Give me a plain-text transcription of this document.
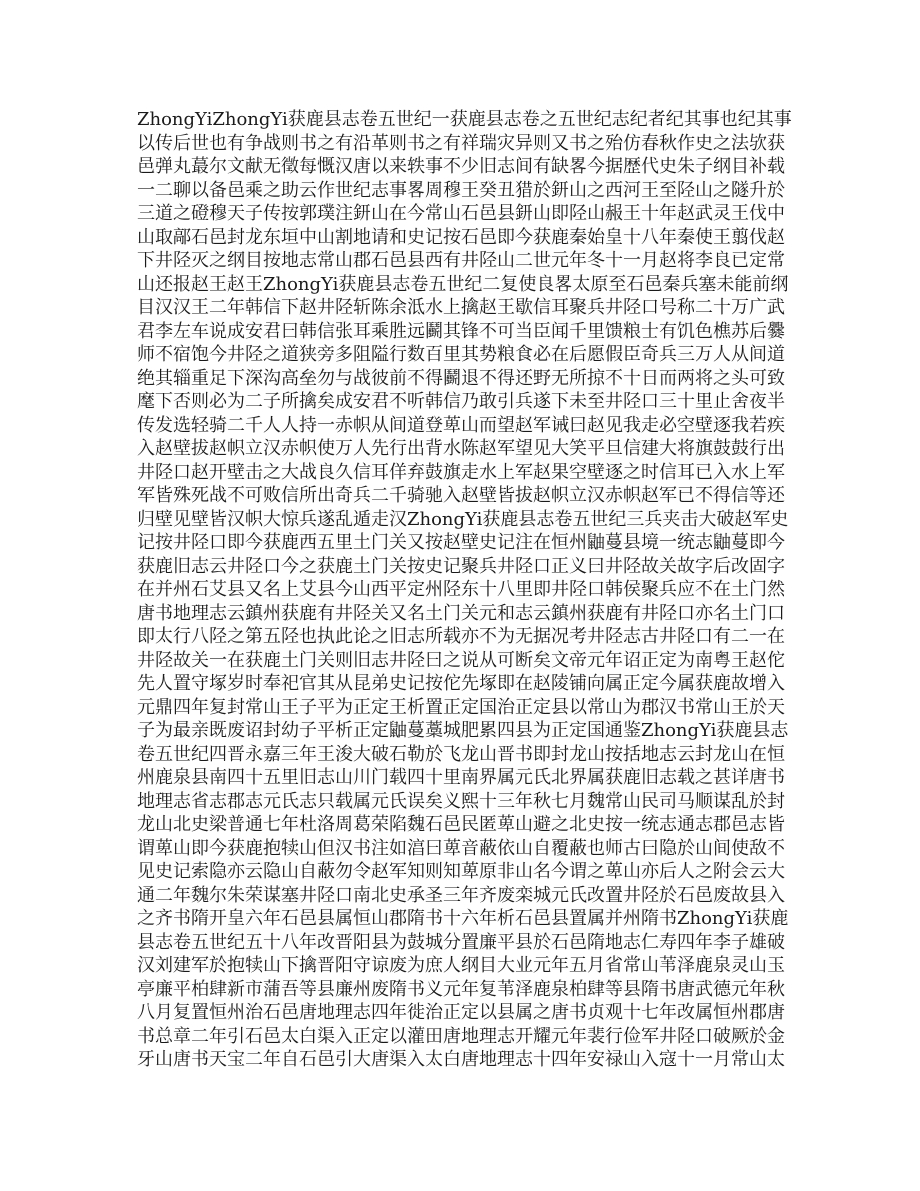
ZhongYiZhongYi获鹿县志卷五世纪一获鹿县志卷之五世纪志纪者纪其事也纪其事
以传后世也有争战则书之有沿革则书之有祥瑞灾异则又书之殆仿春秋作史之法欤获
邑弹丸蕞尔文献无徵每慨汉唐以来轶事不少旧志间有缺畧今据歴代史朱子纲目补载
一二聊以备邑乘之助云作世纪志事畧周穆王癸丑猎於鈃山之西河王至陉山之隧升於
三道之磴穆天子传按郭璞注鈃山在今常山石邑县鈃山即陉山赧王十年赵武灵王伐中
山取鄗石邑封龙东垣中山割地请和史记按石邑即今获鹿秦始皇十八年秦使王翦伐赵
下井陉灭之纲目按地志常山郡石邑县西有井陉山二世元年冬十一月赵将李良已定常
山还报赵王赵王ZhongYi获鹿县志卷五世纪二复使良畧太原至石邑秦兵塞未能前纲
目汉汉王二年韩信下赵井陉斩陈余泜水上擒赵王歇信耳聚兵井陉口号称二十万广武
君李左车说成安君曰韩信张耳乘胜远鬬其锋不可当臣闻千里馈粮士有饥色樵苏后爨
师不宿饱今井陉之道狭旁多阻隘行数百里其势粮食必在后愿假臣奇兵三万人从间道
绝其辎重足下深沟高垒勿与战彼前不得鬬退不得还野无所掠不十日而两将之头可致
麾下否则必为二子所擒矣成安君不听韩信乃敢引兵遂下未至井陉口三十里止舍夜半
传发选轻骑二千人人持一赤帜从间道登萆山而望赵军诫曰赵见我走必空壁逐我若疾
入赵壁拔赵帜立汉赤帜使万人先行出背水陈赵军望见大笑平旦信建大将旗鼓鼓行出
井陉口赵开壁击之大战良久信耳佯弃鼓旗走水上军赵果空壁逐之时信耳已入水上军
军皆殊死战不可败信所出奇兵二千骑驰入赵壁皆拔赵帜立汉赤帜赵军已不得信等还
归壁见壁皆汉帜大惊兵遂乱遁走汉ZhongYi获鹿县志卷五世纪三兵夹击大破赵军史
记按井陉口即今获鹿西五里土门关又按赵壁史记注在恒州鼬蔓县境一统志鼬蔓即今
获鹿旧志云井陉口今之获鹿土门关按史记聚兵井陉口正义曰井陉故关故字后改固字
在并州石艾县又名上艾县今山西平定州陉东十八里即井陉口韩侯聚兵应不在土门然
唐书地理志云鎮州获鹿有井陉关又名土门关元和志云鎮州获鹿有井陉口亦名土门口
即太行八陉之第五陉也执此论之旧志所载亦不为无据况考井陉志古井陉口有二一在
井陉故关一在获鹿土门关则旧志井陉曰之说从可断矣文帝元年诏正定为南粤王赵佗
先人置守塚岁时奉祀官其从昆弟史记按佗先塚即在赵陵铺向属正定今属获鹿故增入
元鼎四年复封常山王子平为正定王析置正定国治正定县以常山为郡汉书常山王於天
子为最亲既废诏封幼子平析正定鼬蔓藁城肥累四县为正定国通鉴ZhongYi获鹿县志
卷五世纪四晋永嘉三年王浚大破石勒於飞龙山晋书即封龙山按括地志云封龙山在恒
州鹿泉县南四十五里旧志山川门载四十里南界属元氏北界属获鹿旧志载之甚详唐书
地理志省志郡志元氏志只载属元氏误矣义熙十三年秋七月魏常山民司马顺谋乱於封
龙山北史梁普通七年杜洛周葛荣陷魏石邑民匿萆山避之北史按一统志通志郡邑志皆
谓萆山即今获鹿抱犊山但汉书注如湻曰萆音蔽依山自覆蔽也师古曰隐於山间使敌不
见史记索隐亦云隐山自蔽勿令赵军知则知萆原非山名今谓之萆山亦后人之附会云大
通二年魏尔朱荣谋塞井陉口南北史承圣三年齐废栾城元氏改置井陉於石邑废故县入
之齐书隋开皇六年石邑县属恒山郡隋书十六年析石邑县置属并州隋书ZhongYi获鹿
县志卷五世纪五十八年改晋阳县为鼓城分置廉平县於石邑隋地志仁寿四年李子雄破
汉刘建军於抱犊山下擒晋阳守谅废为庶人纲目大业元年五月省常山苇泽鹿泉灵山玉
亭廉平柏肆新市蒲吾等县廉州废隋书义元年复苇泽鹿泉柏肆等县隋书唐武德元年秋
八月复置恒州治石邑唐地理志四年徙治正定以县属之唐书贞观十七年改属恒州郡唐
书总章二年引石邑太白渠入正定以灌田唐地理志开耀元年裴行俭军井陉口破厥於金
牙山唐书天宝二年自石邑引大唐渠入太白唐地理志十四年安禄山入寇十一月常山太
